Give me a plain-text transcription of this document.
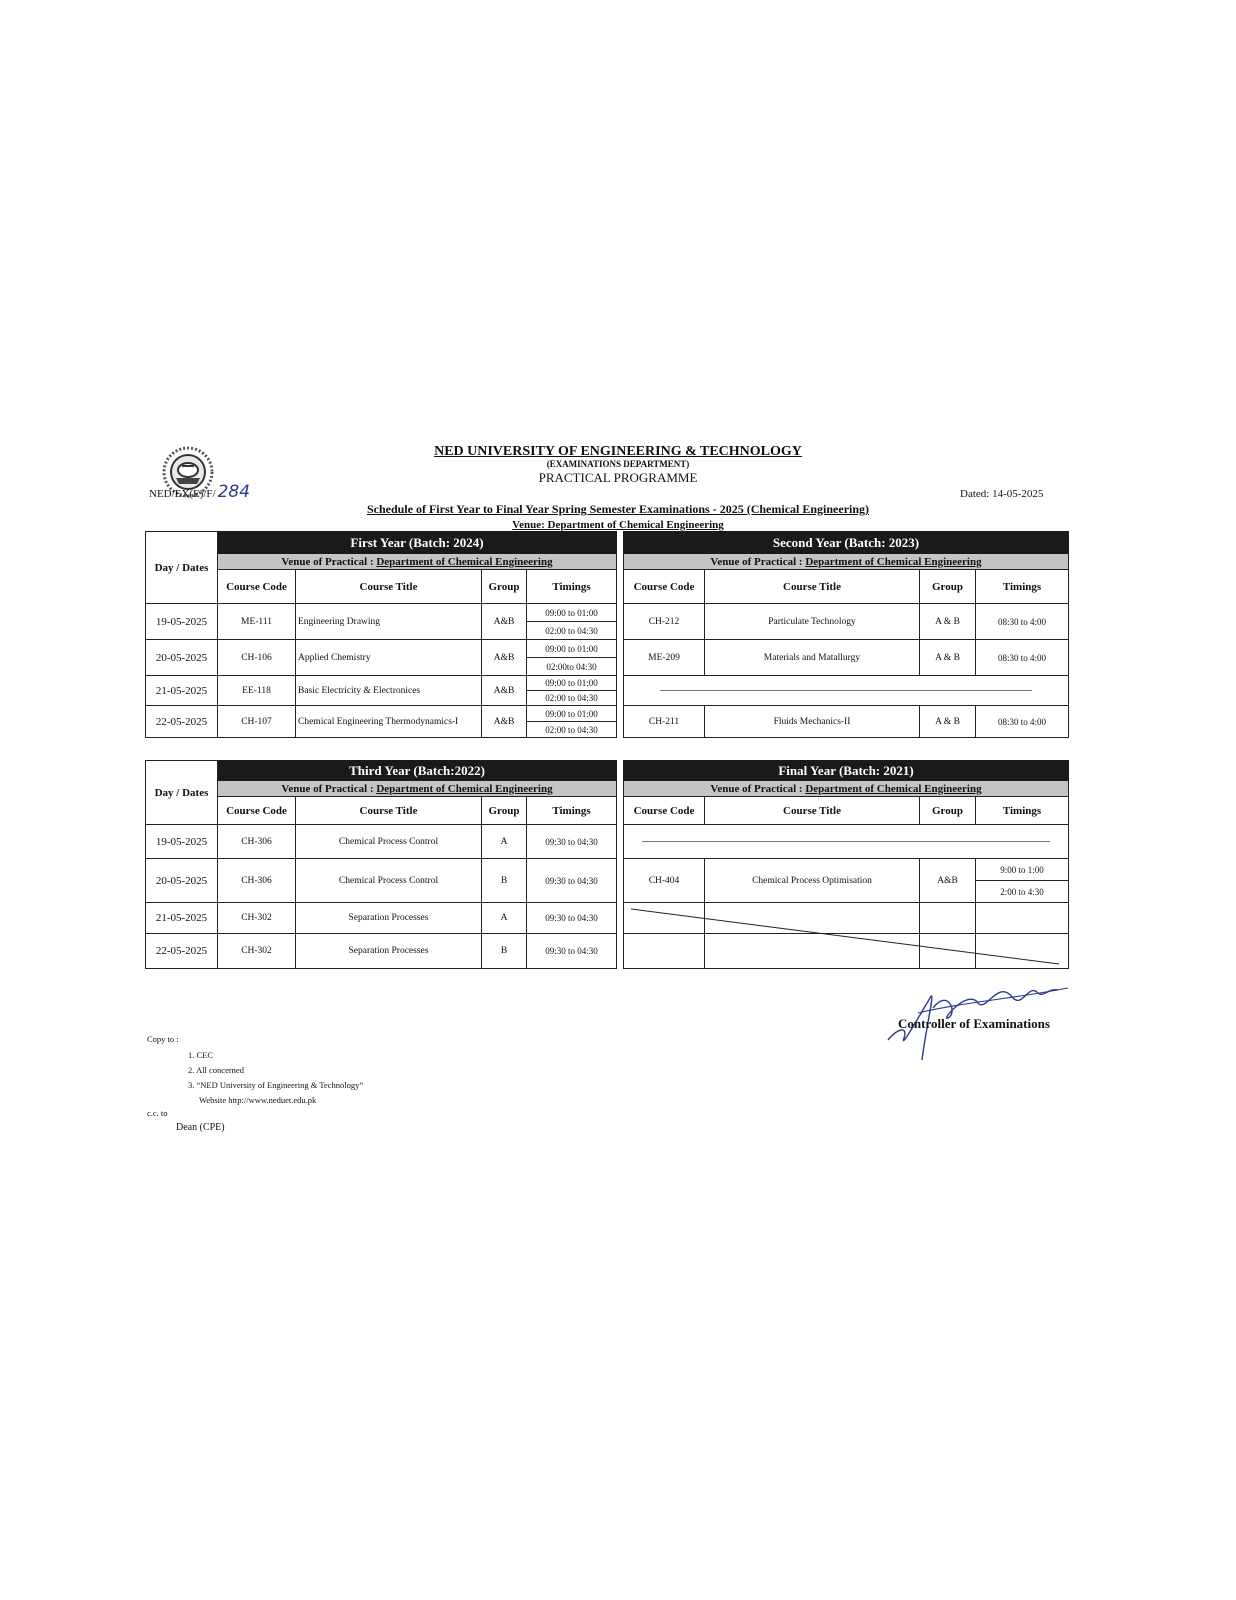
NED/EX(E)/F/ 284
NED UNIVERSITY OF ENGINEERING & TECHNOLOGY
(EXAMINATIONS DEPARTMENT)
PRACTICAL PROGRAMME
Dated: 14-05-2025
Schedule of First Year to Final Year Spring Semester Examinations - 2025 (Chemical Engineering)
Venue: Department of Chemical Engineering
Day / Dates	First Year (Batch: 2024)			
	Venue of Practical : Department of Chemical Engineering			
	Course Code	Course Title	Group	Timings
19-05-2025	ME-111	Engineering Drawing	A&B	09:00 to 01:00
				02:00 to 04:30
20-05-2025	CH-106	Applied Chemistry	A&B	09:00 to 01:00
				02:00to 04:30
21-05-2025	EE-118	Basic Electricity & Electronices	A&B	09:00 to 01:00
				02:00 to 04:30
22-05-2025	CH-107	Chemical Engineering Thermodynamics-I	A&B	09:00 to 01:00
				02:00 to 04:30
Second Year (Batch: 2023)			
Venue of Practical : Department of Chemical Engineering			
Course Code	Course Title	Group	Timings
CH-212	Particulate Technology	A & B	08:30 to 4:00
ME-209	Materials and Matallurgy	A & B	08:30 to 4:00

CH-211	Fluids Mechanics-II	A & B	08:30 to 4:00
Day / Dates	Third Year (Batch:2022)			
	Venue of Practical : Department of Chemical Engineering			
	Course Code	Course Title	Group	Timings
19-05-2025	CH-306	Chemical Process Control	A	09:30 to 04:30
20-05-2025	CH-306	Chemical Process Control	B	09:30 to 04:30
21-05-2025	CH-302	Separation Processes	A	09:30 to 04:30
22-05-2025	CH-302	Separation Processes	B	09:30 to 04:30
Final Year (Batch: 2021)			
Venue of Practical : Department of Chemical Engineering			
Course Code	Course Title	Group	Timings

CH-404	Chemical Process Optimisation	A&B	9:00 to 1:00
			2:00 to 4:30

Controller of Examinations
Copy to :
1. CEC
2. All concerned
3. “NED University of Engineering & Technology”
Website http://www.neduet.edu.pk
c.c. to
Dean (CPE)
